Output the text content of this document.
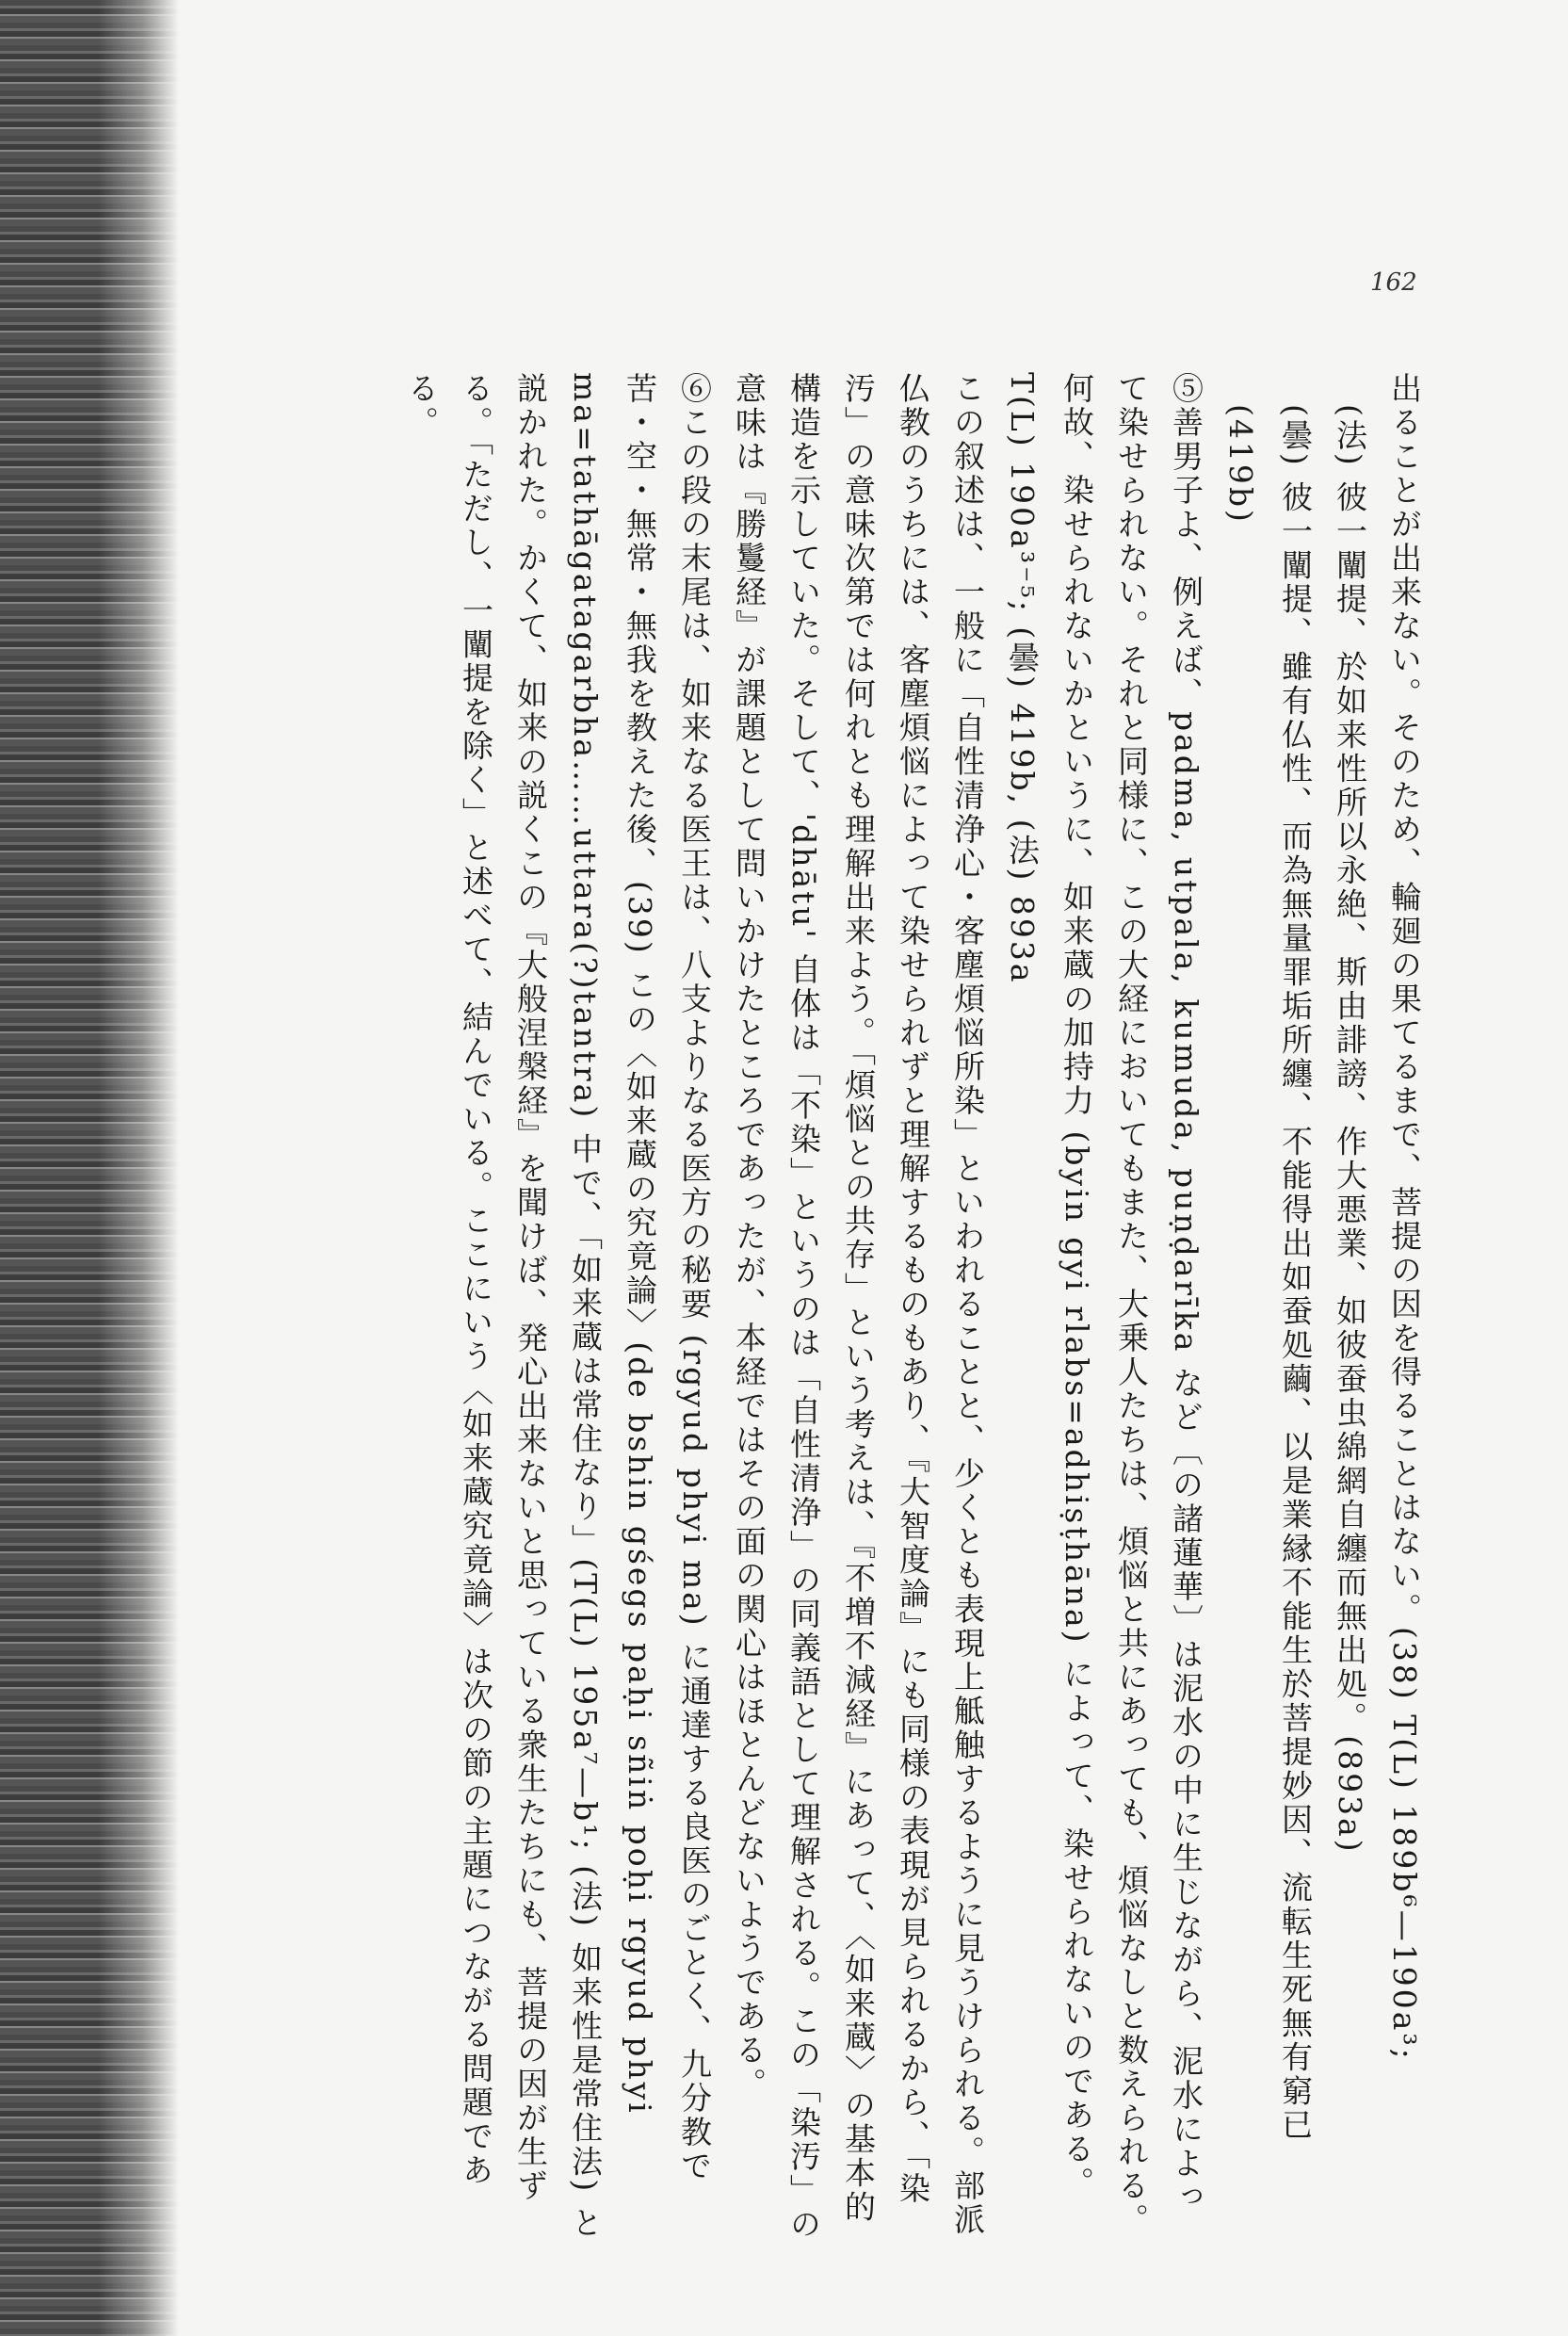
162

出ることが出来ない。そのため、輪廻の果てるまで、菩提の因を得ることはない。(38) T(L) 189b⁶—190a³;

(法) 彼一闡提、於如来性所以永絶、斯由誹謗、作大悪業、如彼蚕虫綿網自纏而無出処。(893a)

(曇) 彼一闡提、雖有仏性、而為無量罪垢所纏、不能得出如蚕処繭、以是業縁不能生於菩提妙因、流転生死無有窮已 (419b)

⑤善男子よ、例えば、padma, utpala, kumuda, puṇḍarīka など〔の諸蓮華〕は泥水の中に生じながら、泥水によって染せられない。それと同様に、この大経においてもまた、大乗人たちは、煩悩と共にあっても、煩悩なしと数えられる。何故、染せられないかというに、如来蔵の加持力 (byin gyi rlabs=adhiṣṭhāna) によって、染せられないのである。T(L) 190a³⁻⁵; (曇) 419b, (法) 893a

この叙述は、一般に「自性清浄心・客塵煩悩所染」といわれることと、少くとも表現上觝触するように見うけられる。部派仏教のうちには、客塵煩悩によって染せられずと理解するものもあり、『大智度論』にも同様の表現が見られるから、「染汚」の意味次第では何れとも理解出来よう。「煩悩との共存」という考えは、『不増不減経』にあって、〈如来蔵〉の基本的構造を示していた。そして、'dhātu' 自体は「不染」というのは「自性清浄」の同義語として理解される。この「染汚」の意味は『勝鬘経』が課題として問いかけたところであったが、本経ではその面の関心はほとんどないようである。

⑥この段の末尾は、如来なる医王は、八支よりなる医方の秘要 (rgyud phyi ma) に通達する良医のごとく、九分教で苦・空・無常・無我を教えた後、(39) この〈如来蔵の究竟論〉(de bshin gśegs paḥi sñiṅ poḥi rgyud phyi ma=tathāgatagarbha……uttara(?)tantra) 中で、「如来蔵は常住なり」(T(L) 195a⁷—b¹; (法) 如来性是常住法) と説かれた。かくて、如来の説くこの『大般涅槃経』を聞けば、発心出来ないと思っている衆生たちにも、菩提の因が生ずる。「ただし、一闡提を除く」と述べて、結んでいる。ここにいう〈如来蔵究竟論〉は次の節の主題につながる問題である。
